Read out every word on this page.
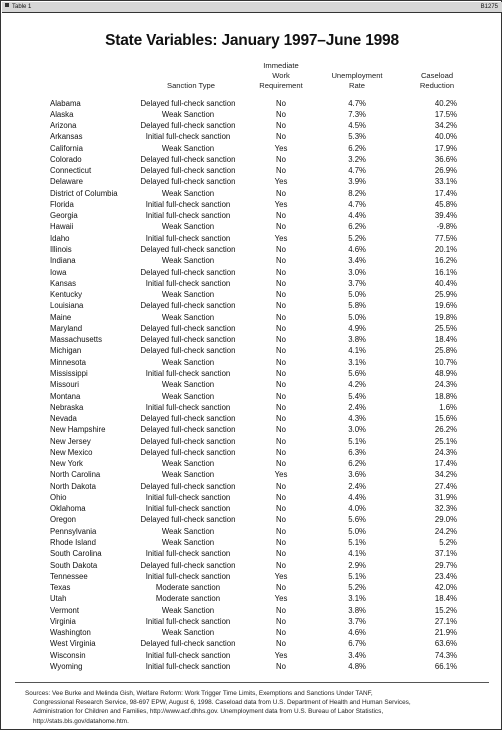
Table 1	B1275
State Variables: January 1997–June 1998
Sanction Type
Immediate
Work
Requirement
Unemployment
Rate
Caseload
Reduction
Alabama	Delayed full-check sanction	No	4.7%	40.2%
Alaska	Weak Sanction	No	7.3%	17.5%
Arizona	Delayed full-check sanction	No	4.5%	34.2%
Arkansas	Initial full-check sanction	No	5.3%	40.0%
California	Weak Sanction	Yes	6.2%	17.9%
Colorado	Delayed full-check sanction	No	3.2%	36.6%
Connecticut	Delayed full-check sanction	No	4.7%	26.9%
Delaware	Delayed full-check sanction	Yes	3.9%	33.1%
District of Columbia	Weak Sanction	No	8.2%	17.4%
Florida	Initial full-check sanction	Yes	4.7%	45.8%
Georgia	Initial full-check sanction	No	4.4%	39.4%
Hawaii	Weak Sanction	No	6.2%	-9.8%
Idaho	Initial full-check sanction	Yes	5.2%	77.5%
Illinois	Delayed full-check sanction	No	4.6%	20.1%
Indiana	Weak Sanction	No	3.4%	16.2%
Iowa	Delayed full-check sanction	No	3.0%	16.1%
Kansas	Initial full-check sanction	No	3.7%	40.4%
Kentucky	Weak Sanction	No	5.0%	25.9%
Louisiana	Delayed full-check sanction	No	5.8%	19.6%
Maine	Weak Sanction	No	5.0%	19.8%
Maryland	Delayed full-check sanction	No	4.9%	25.5%
Massachusetts	Delayed full-check sanction	No	3.8%	18.4%
Michigan	Delayed full-check sanction	No	4.1%	25.8%
Minnesota	Weak Sanction	No	3.1%	10.7%
Mississippi	Initial full-check sanction	No	5.6%	48.9%
Missouri	Weak Sanction	No	4.2%	24.3%
Montana	Weak Sanction	No	5.4%	18.8%
Nebraska	Initial full-check sanction	No	2.4%	1.6%
Nevada	Delayed full-check sanction	No	4.3%	15.6%
New Hampshire	Delayed full-check sanction	No	3.0%	26.2%
New Jersey	Delayed full-check sanction	No	5.1%	25.1%
New Mexico	Delayed full-check sanction	No	6.3%	24.3%
New York	Weak Sanction	No	6.2%	17.4%
North Carolina	Weak Sanction	Yes	3.6%	34.2%
North Dakota	Delayed full-check sanction	No	2.4%	27.4%
Ohio	Initial full-check sanction	No	4.4%	31.9%
Oklahoma	Initial full-check sanction	No	4.0%	32.3%
Oregon	Delayed full-check sanction	No	5.6%	29.0%
Pennsylvania	Weak Sanction	No	5.0%	24.2%
Rhode Island	Weak Sanction	No	5.1%	5.2%
South Carolina	Initial full-check sanction	No	4.1%	37.1%
South Dakota	Delayed full-check sanction	No	2.9%	29.7%
Tennessee	Initial full-check sanction	Yes	5.1%	23.4%
Texas	Moderate sanction	No	5.2%	42.0%
Utah	Moderate sanction	Yes	3.1%	18.4%
Vermont	Weak Sanction	No	3.8%	15.2%
Virginia	Initial full-check sanction	No	3.7%	27.1%
Washington	Weak Sanction	No	4.6%	21.9%
West Virginia	Delayed full-check sanction	No	6.7%	63.6%
Wisconsin	Initial full-check sanction	Yes	3.4%	74.3%
Wyoming	Initial full-check sanction	No	4.8%	66.1%
Sources: Vee Burke and Melinda Gish, Welfare Reform: Work Trigger Time Limits, Exemptions and Sanctions Under TANF,
Congressional Research Service, 98-697 EPW, August 6, 1998. Caseload data from U.S. Department of Health and Human Services,
Administration for Children and Families, http://www.acf.dhhs.gov. Unemployment data from U.S. Bureau of Labor Statistics,
http://stats.bls.gov/datahome.htm.
